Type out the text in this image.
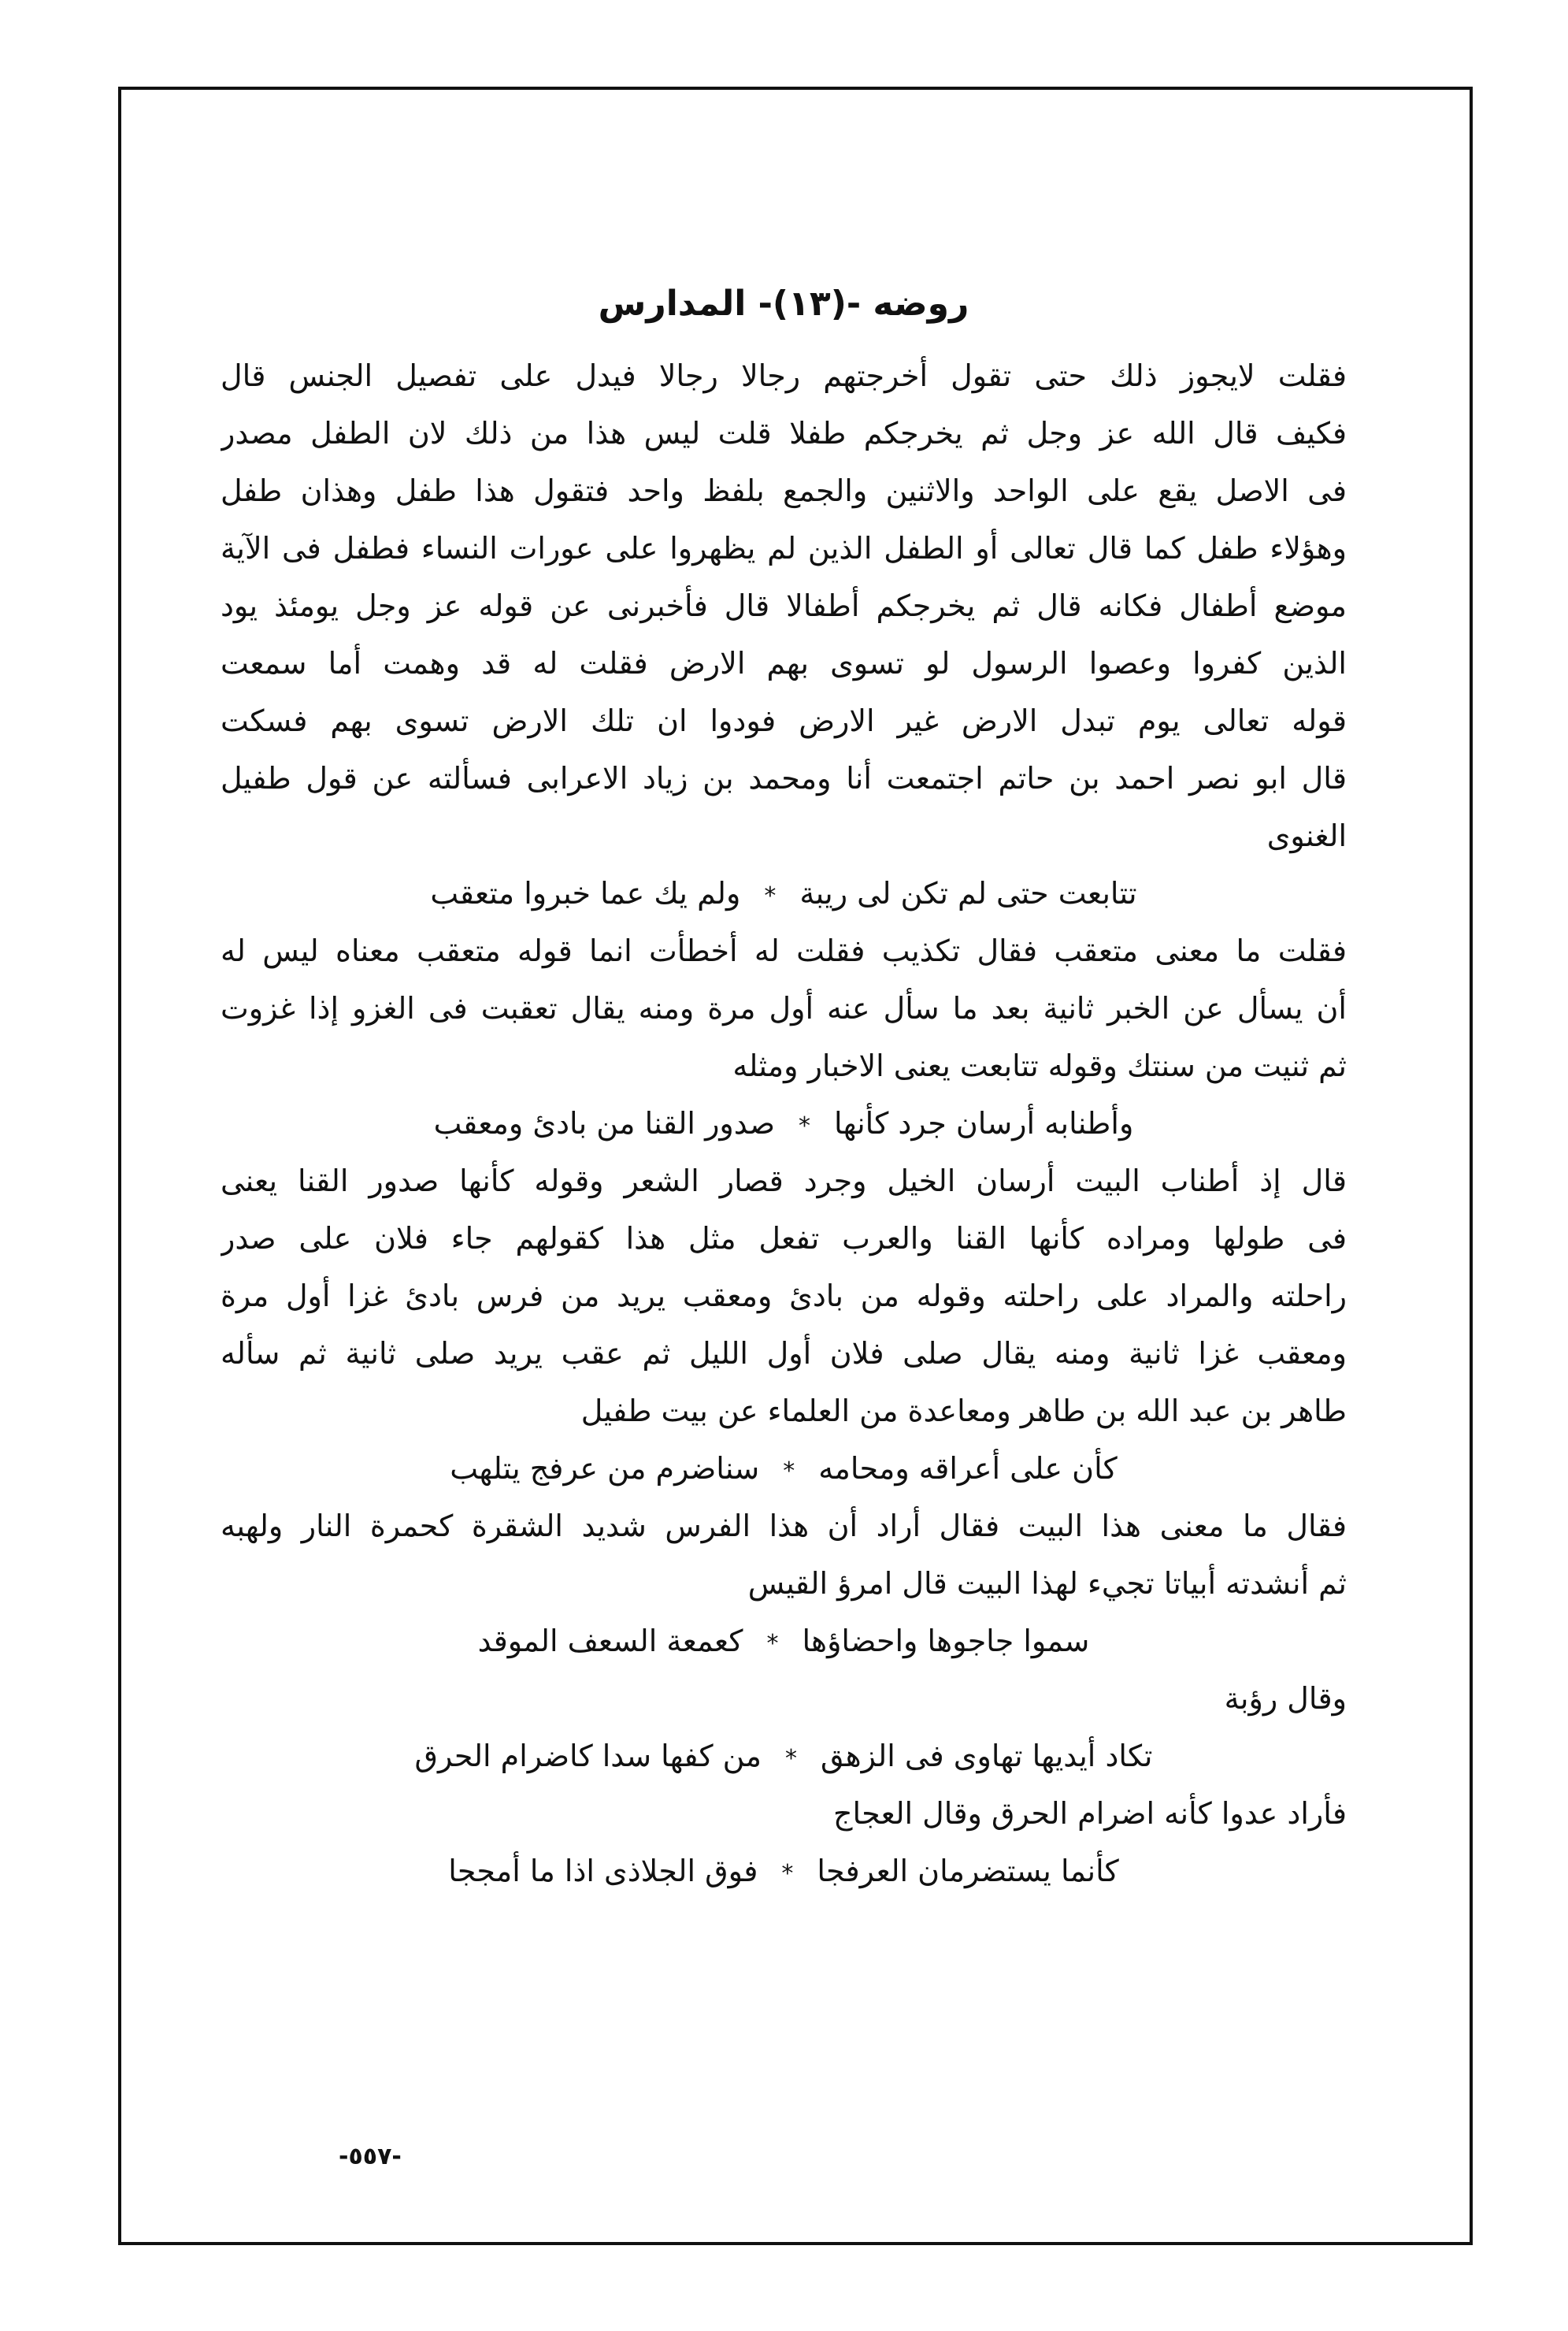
روضه -(١٣)- المدارس
فقلت لايجوز ذلك حتى تقول أخرجتهم رجالا رجالا فيدل على تفصيل الجنس قال
فكيف قال الله عز وجل ثم يخرجكم طفلا قلت ليس هذا من ذلك لان الطفل مصدر
فى الاصل يقع على الواحد والاثنين والجمع بلفظ واحد فتقول هذا طفل وهذان طفل
وهؤلاء طفل كما قال تعالى أو الطفل الذين لم يظهروا على عورات النساء فطفل فى الآية
موضع أطفال فكانه قال ثم يخرجكم أطفالا قال فأخبرنى عن قوله عز وجل يومئذ يود
الذين كفروا وعصوا الرسول لو تسوى بهم الارض فقلت له قد وهمت أما سمعت
قوله تعالى يوم تبدل الارض غير الارض فودوا ان تلك الارض تسوى بهم فسكت
قال ابو نصر احمد بن حاتم اجتمعت أنا ومحمد بن زياد الاعرابى فسألته عن قول طفيل
الغنوى
تتابعت حتى لم تكن لى ريبة*ولم يك عما خبروا متعقب
فقلت ما معنى متعقب فقال تكذيب فقلت له أخطأت انما قوله متعقب معناه ليس له
أن يسأل عن الخبر ثانية بعد ما سأل عنه أول مرة ومنه يقال تعقبت فى الغزو إذا غزوت
ثم ثنيت من سنتك وقوله تتابعت يعنى الاخبار ومثله
وأطنابه أرسان جرد كأنها*صدور القنا من بادئ ومعقب
قال إذ أطناب البيت أرسان الخيل وجرد قصار الشعر وقوله كأنها صدور القنا يعنى
فى طولها ومراده كأنها القنا والعرب تفعل مثل هذا كقولهم جاء فلان على صدر
راحلته والمراد على راحلته وقوله من بادئ ومعقب يريد من فرس بادئ غزا أول مرة
ومعقب غزا ثانية ومنه يقال صلى فلان أول الليل ثم عقب يريد صلى ثانية ثم سأله
طاهر بن عبد الله بن طاهر ومعاعدة من العلماء عن بيت طفيل
كأن على أعراقه ومحامه*سناضرم من عرفج يتلهب
فقال ما معنى هذا البيت فقال أراد أن هذا الفرس شديد الشقرة كحمرة النار ولهبه
ثم أنشدته أبياتا تجيء لهذا البيت قال امرؤ القيس
سموا جاجوها واحضاؤها*كعمعة السعف الموقد
وقال رؤبة
تكاد أيديها تهاوى فى الزهق*من كفها سدا كاضرام الحرق
فأراد عدوا كأنه اضرام الحرق وقال العجاج
كأنما يستضرمان العرفجا*فوق الجلاذى اذا ما أمججا
-٥٥٧-
